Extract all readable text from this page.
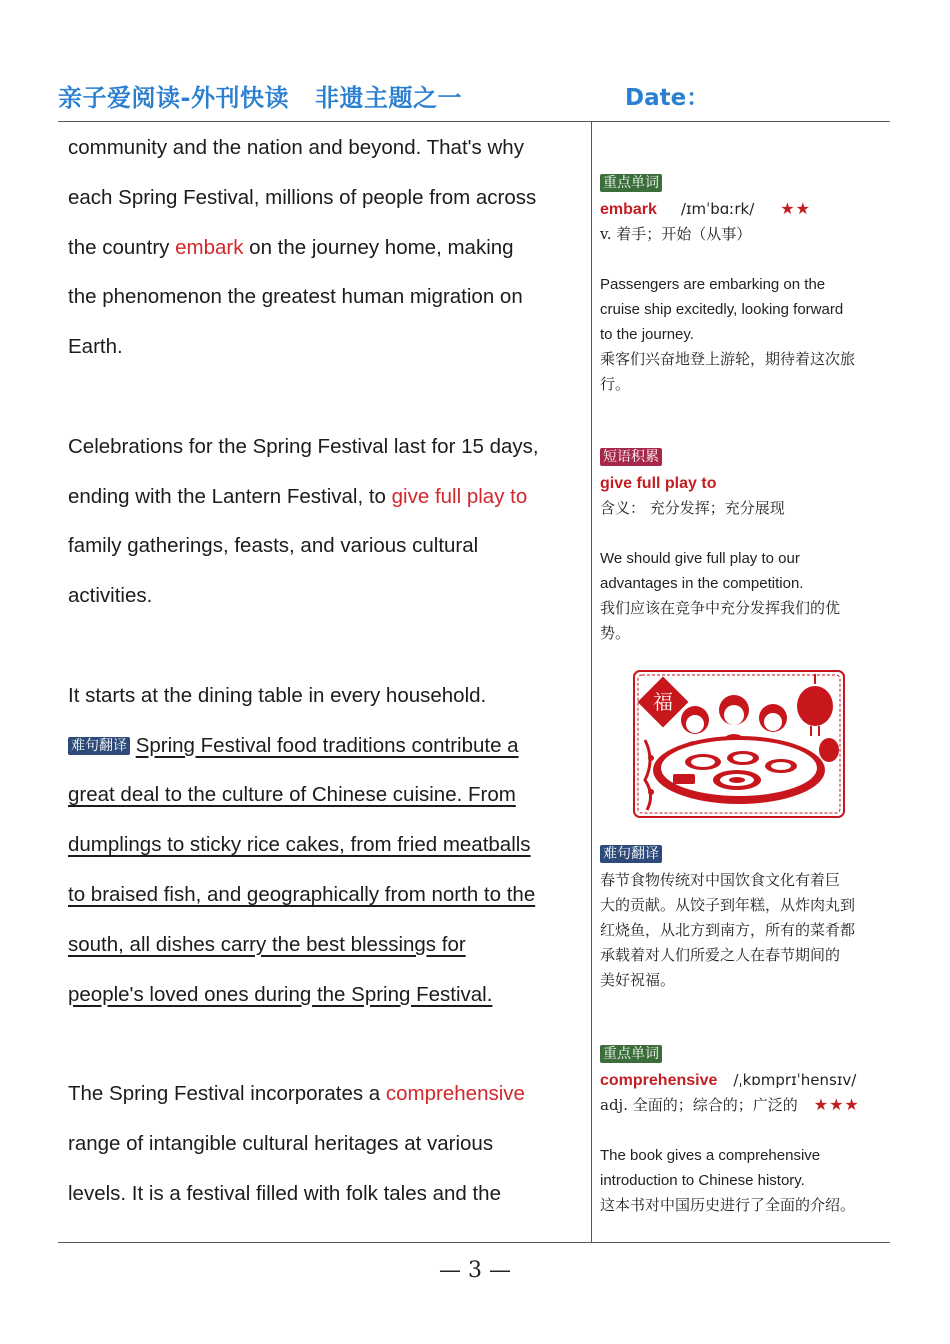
亲子爱阅读-外刊快读 非遗主题之一	Date：

community and the nation and beyond. That's why

each Spring Festival, millions of people from across

the country embark on the journey home, making

the phenomenon the greatest human migration on

Earth.

Celebrations for the Spring Festival last for 15 days,

ending with the Lantern Festival, to give full play to

family gatherings, feasts, and various cultural

activities.

It starts at the dining table in every household.

难句翻译 Spring Festival food traditions contribute a

great deal to the culture of Chinese cuisine. From

dumplings to sticky rice cakes, from fried meatballs

to braised fish, and geographically from north to the

south, all dishes carry the best blessings for

people's loved ones during the Spring Festival.

The Spring Festival incorporates a comprehensive

range of intangible cultural heritages at various

levels. It is a festival filled with folk tales and the

重点单词
embark /ɪmˈbɑːrk/ ★★
v. 着手；开始（从事）
Passengers are embarking on the
cruise ship excitedly, looking forward
to the journey.
乘客们兴奋地登上游轮，期待着这次旅
行。
短语积累
give full play to
含义： 充分发挥；充分展现
We should give full play to our
advantages in the competition.
我们应该在竞争中充分发挥我们的优
势。
福
难句翻译
春节食物传统对中国饮食文化有着巨
大的贡献。从饺子到年糕，从炸肉丸到
红烧鱼，从北方到南方，所有的菜肴都
承载着对人们所爱之人在春节期间的
美好祝福。
重点单词
comprehensive /ˌkɒmprɪˈhensɪv/
adj. 全面的；综合的；广泛的 ★★★
The book gives a comprehensive
introduction to Chinese history.
这本书对中国历史进行了全面的介绍。
— 3 —
